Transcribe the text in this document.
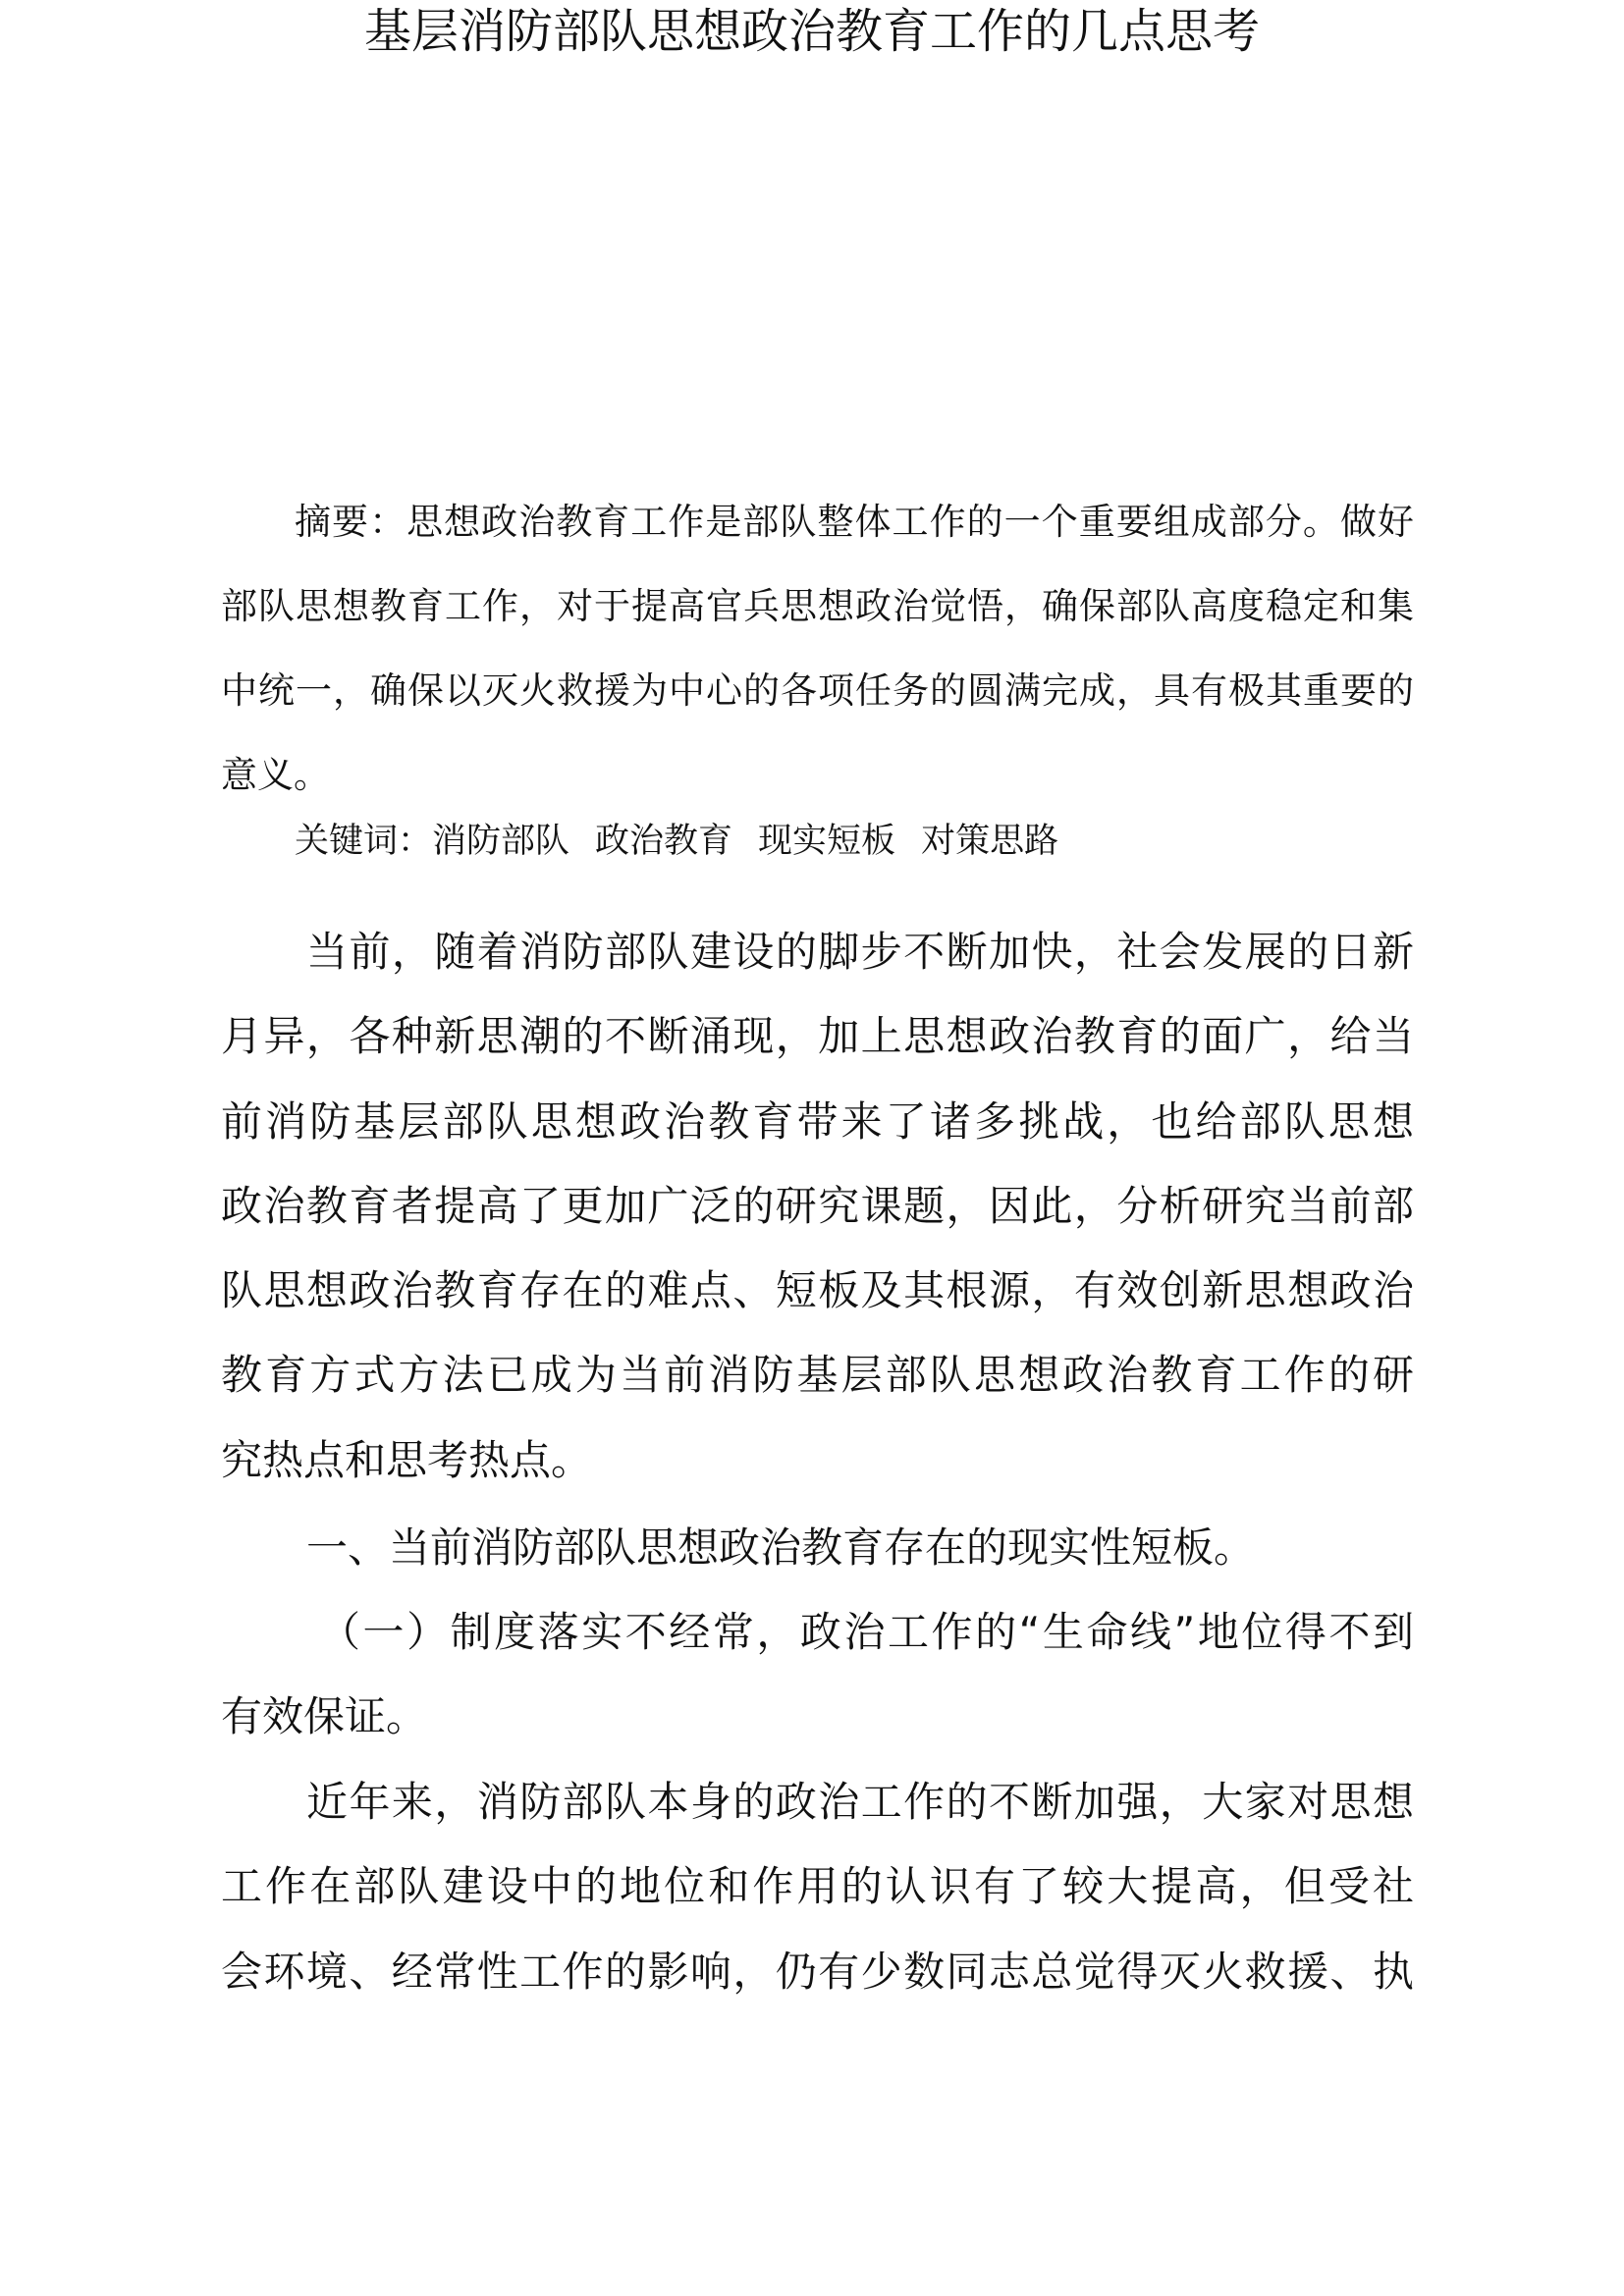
基层消防部队思想政治教育工作的几点思考
摘要：思想政治教育工作是部队整体工作的一个重要组成部分。做好
部队思想教育工作，对于提高官兵思想政治觉悟，确保部队高度稳定和集
中统一，确保以灭火救援为中心的各项任务的圆满完成，具有极其重要的
意义。
关键词：消防部队 政治教育 现实短板 对策思路
当前，随着消防部队建设的脚步不断加快，社会发展的日新
月异，各种新思潮的不断涌现，加上思想政治教育的面广，给当
前消防基层部队思想政治教育带来了诸多挑战，也给部队思想
政治教育者提高了更加广泛的研究课题，因此，分析研究当前部
队思想政治教育存在的难点、短板及其根源，有效创新思想政治
教育方式方法已成为当前消防基层部队思想政治教育工作的研
究热点和思考热点。
一、当前消防部队思想政治教育存在的现实性短板。
（一）制度落实不经常，政治工作的“生命线”地位得不到
有效保证。
近年来，消防部队本身的政治工作的不断加强，大家对思想
工作在部队建设中的地位和作用的认识有了较大提高，但受社
会环境、经常性工作的影响，仍有少数同志总觉得灭火救援、执
